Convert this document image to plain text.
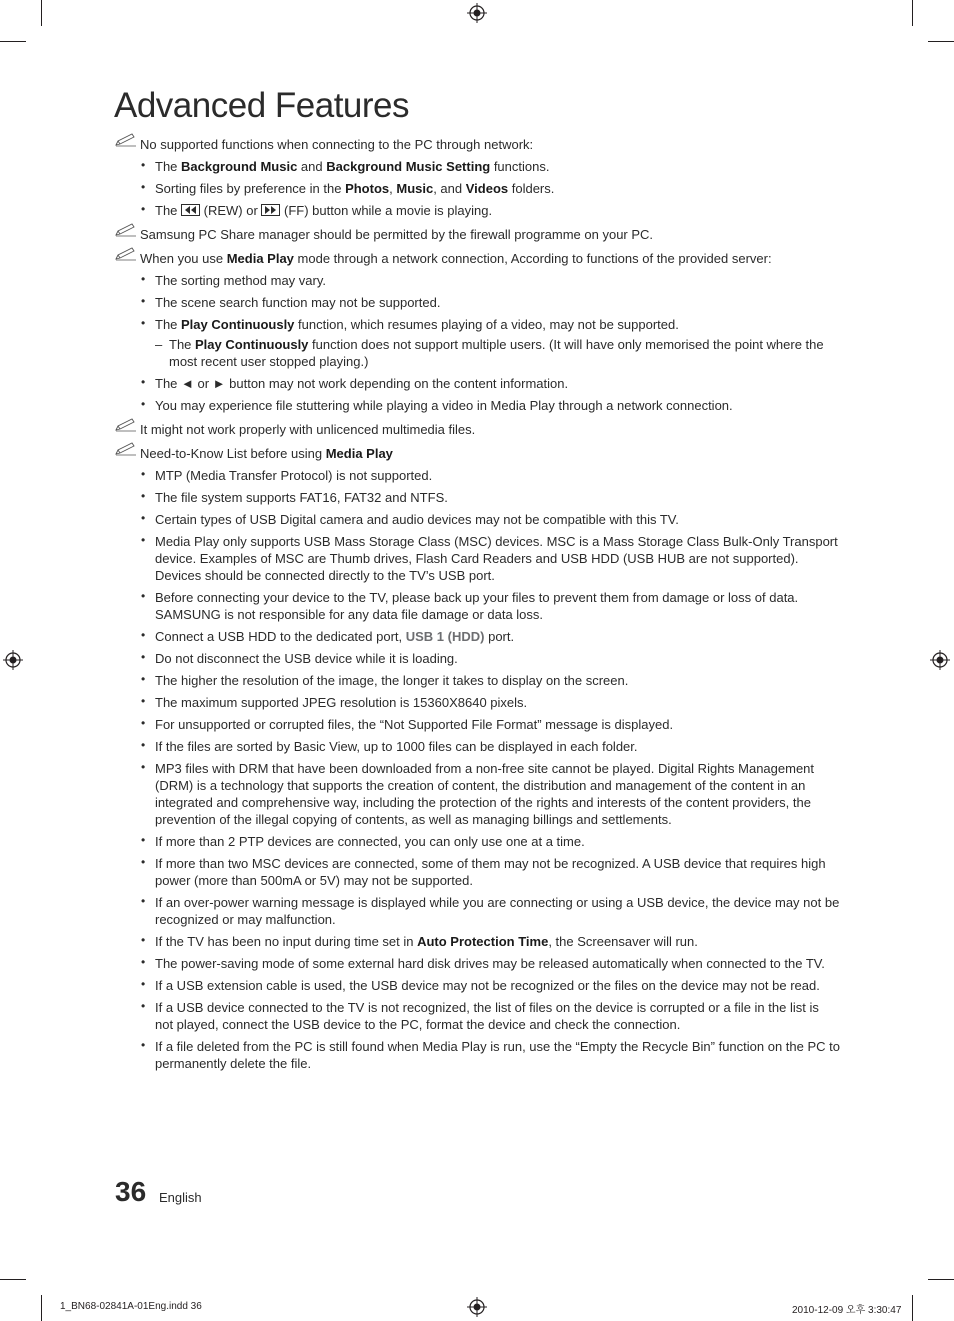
Advanced Features
No supported functions when connecting to the PC through network:
• The Background Music and Background Music Setting functions.
• Sorting files by preference in the Photos, Music, and Videos folders.
• The
(REW) or
(FF) button while a movie is playing.
Samsung PC Share manager should be permitted by the firewall programme on your PC.
When you use Media Play mode through a network connection, According to functions of the provided server:
• The sorting method may vary.
• The scene search function may not be supported.
• The Play Continuously function, which resumes playing of a video, may not be supported.
– The Play Continuously function does not support multiple users. (It will have only memorised the point where the most recent user stopped playing.)
• The ◄ or ► button may not work depending on the content information.
• You may experience file stuttering while playing a video in Media Play through a network connection.
It might not work properly with unlicenced multimedia files.
Need-to-Know List before using Media Play
• MTP (Media Transfer Protocol) is not supported.
• The file system supports FAT16, FAT32 and NTFS.
• Certain types of USB Digital camera and audio devices may not be compatible with this TV.
• Media Play only supports USB Mass Storage Class (MSC) devices. MSC is a Mass Storage Class Bulk-Only Transport device. Examples of MSC are Thumb drives, Flash Card Readers and USB HDD (USB HUB are not supported). Devices should be connected directly to the TV’s USB port.
• Before connecting your device to the TV, please back up your files to prevent them from damage or loss of data. SAMSUNG is not responsible for any data file damage or data loss.
• Connect a USB HDD to the dedicated port, USB 1 (HDD) port.
• Do not disconnect the USB device while it is loading.
• The higher the resolution of the image, the longer it takes to display on the screen.
• The maximum supported JPEG resolution is 15360X8640 pixels.
• For unsupported or corrupted files, the “Not Supported File Format” message is displayed.
• If the files are sorted by Basic View, up to 1000 files can be displayed in each folder.
• MP3 files with DRM that have been downloaded from a non-free site cannot be played. Digital Rights Management (DRM) is a technology that supports the creation of content, the distribution and management of the content in an integrated and comprehensive way, including the protection of the rights and interests of the content providers, the prevention of the illegal copying of contents, as well as managing billings and settlements.
• If more than 2 PTP devices are connected, you can only use one at a time.
• If more than two MSC devices are connected, some of them may not be recognized. A USB device that requires high power (more than 500mA or 5V) may not be supported.
• If an over-power warning message is displayed while you are connecting or using a USB device, the device may not be recognized or may malfunction.
• If the TV has been no input during time set in Auto Protection Time, the Screensaver will run.
• The power-saving mode of some external hard disk drives may be released automatically when connected to the TV.
• If a USB extension cable is used, the USB device may not be recognized or the files on the device may not be read.
• If a USB device connected to the TV is not recognized, the list of files on the device is corrupted or a file in the list is not played, connect the USB device to the PC, format the device and check the connection.
• If a file deleted from the PC is still found when Media Play is run, use the “Empty the Recycle Bin” function on the PC to permanently delete the file.
36 English
1_BN68-02841A-01Eng.indd 36	2010-12-09 오후 3:30:47
